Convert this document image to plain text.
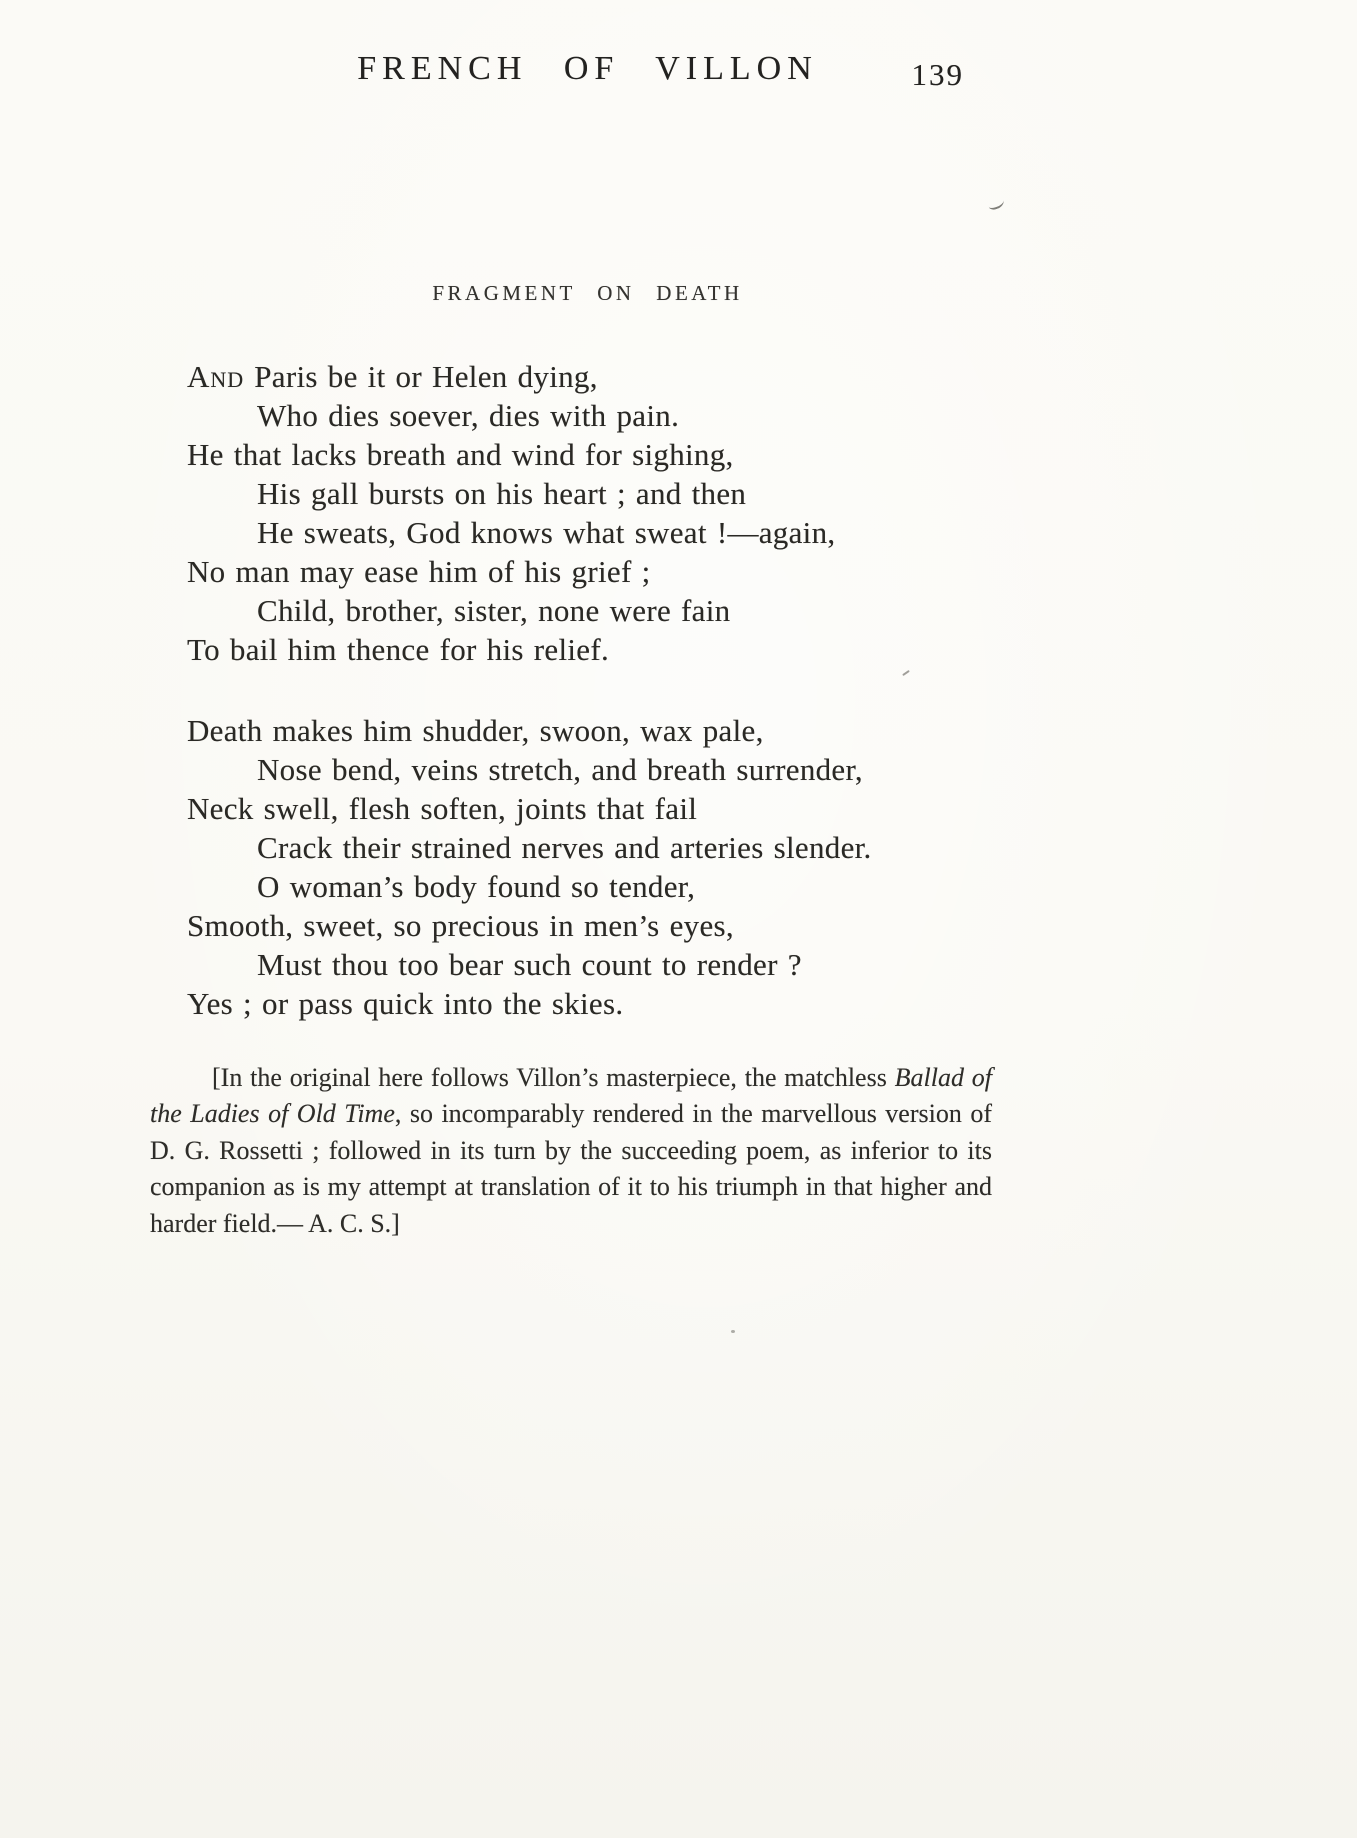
FRENCH OF VILLON	139
FRAGMENT ON DEATH
And Paris be it or Helen dying,
Who dies soever, dies with pain.
He that lacks breath and wind for sighing,
His gall bursts on his heart ; and then
He sweats, God knows what sweat !—again,
No man may ease him of his grief ;
Child, brother, sister, none were fain
To bail him thence for his relief.
Death makes him shudder, swoon, wax pale,
Nose bend, veins stretch, and breath surrender,
Neck swell, flesh soften, joints that fail
Crack their strained nerves and arteries slender.
O woman’s body found so tender,
Smooth, sweet, so precious in men’s eyes,
Must thou too bear such count to render ?
Yes ; or pass quick into the skies.

[In the original here follows Villon’s masterpiece, the matchless Ballad of the Ladies of Old Time, so incomparably rendered in the marvellous version of D. G. Rossetti ; followed in its turn by the succeeding poem, as inferior to its companion as is my attempt at translation of it to his triumph in that higher and harder field.— A. C. S.]
